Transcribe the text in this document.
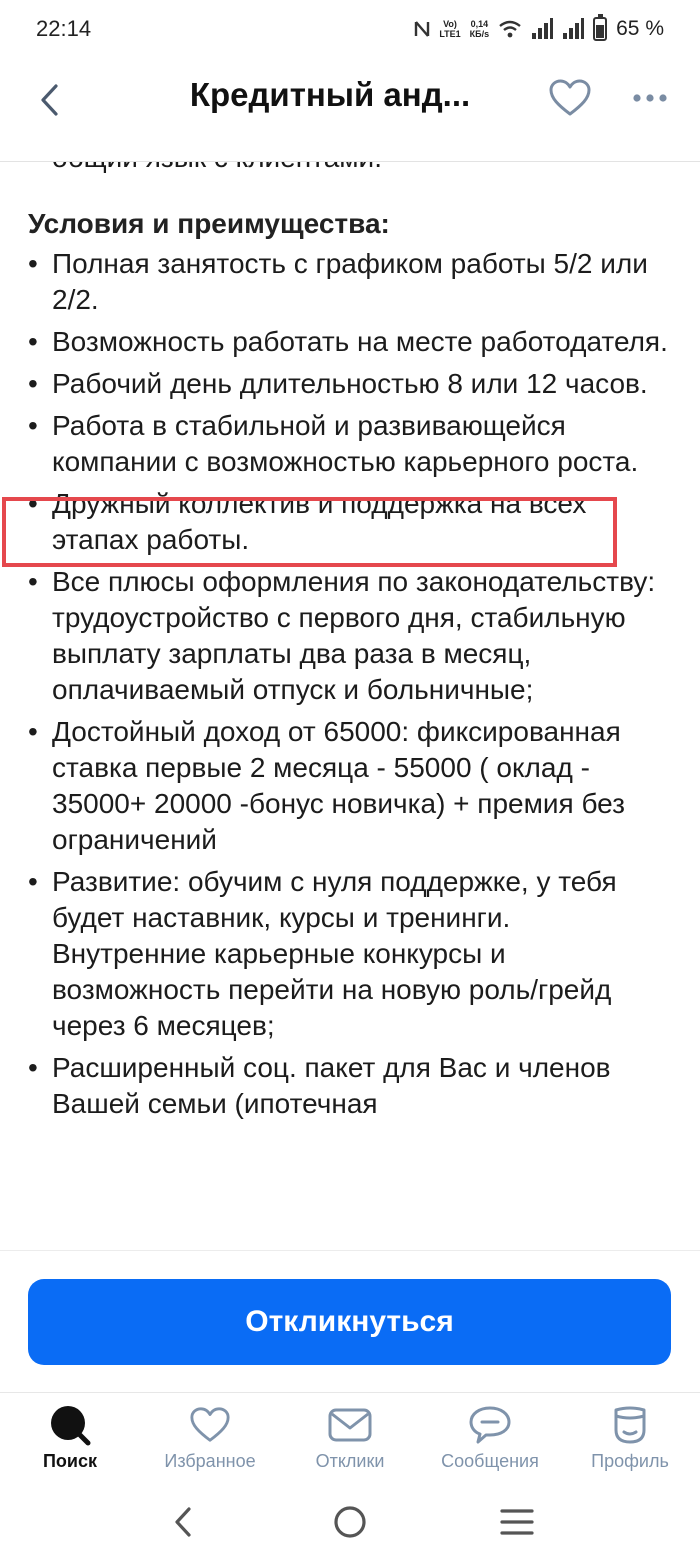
22:14	Vo)
LTE1
0,14
КБ/s	65 %
Кредитный анд...
Условия и преимущества:
• Полная занятость с графиком работы 5/2 или 2/2.
• Возможность работать на месте работодателя.
• Рабочий день длительностью 8 или 12 часов.
• Работа в стабильной и развивающейся компании с возможностью карьерного роста.
• Дружный коллектив и поддержка на всех этапах работы.
• Все плюсы оформления по законодательству: трудоустройство с первого дня, стабильную выплату зарплаты два раза в месяц, оплачиваемый отпуск и больничные;
• Достойный доход от 65000: фиксированная ставка первые 2 месяца - 55000 ( оклад - 35000+ 20000 -бонус новичка) + премия без ограничений
• Развитие: обучим с нуля поддержке, у тебя будет наставник, курсы и тренинги. Внутренние карьерные конкурсы и возможность перейти на новую роль/грейд через 6 месяцев;
• Расширенный соц. пакет для Вас и членов Вашей семьи (ипотечная
Откликнуться
Поиск	Избранное	Отклики	Сообщения	Профиль
